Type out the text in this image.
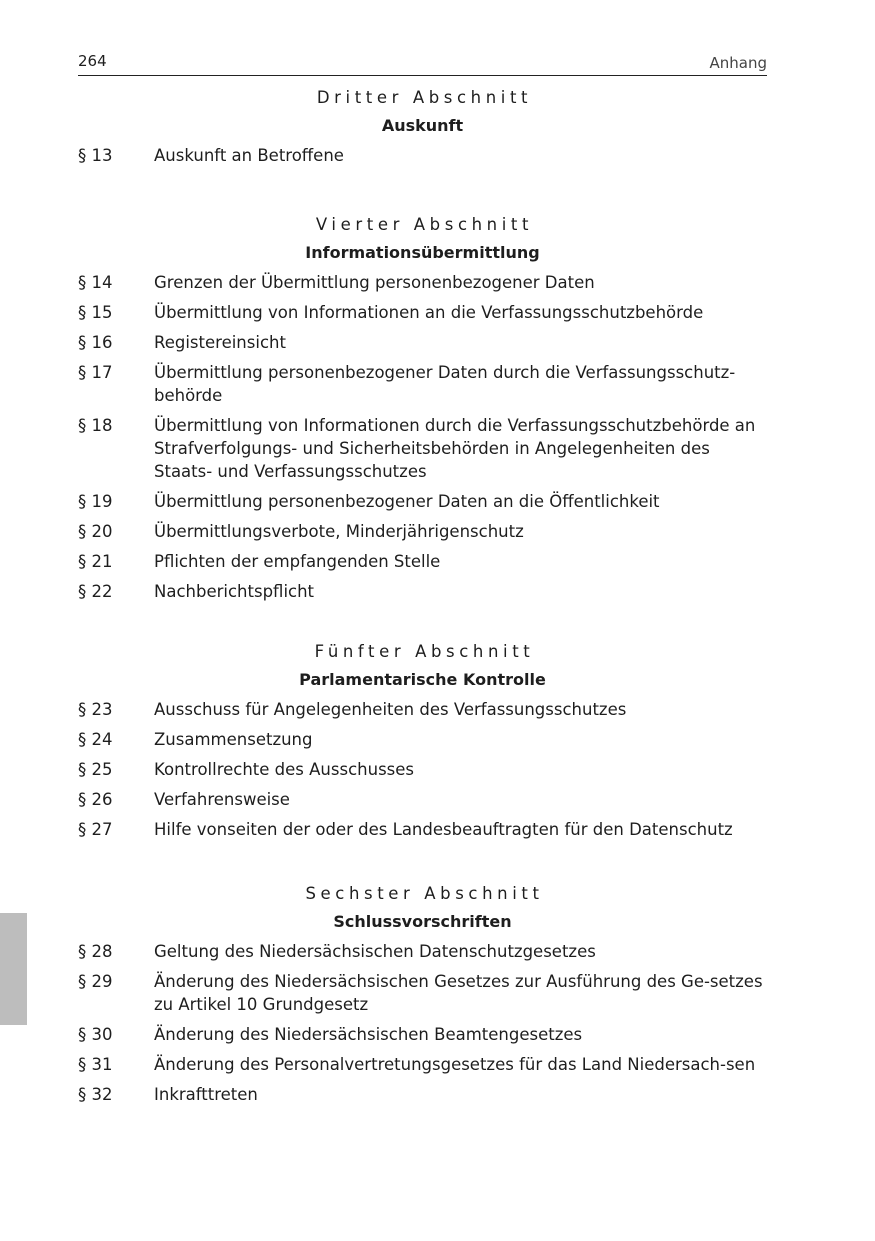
264	Anhang
Dritter Abschnitt
Auskunft
§ 13	Auskunft an Betroffene
Vierter Abschnitt
Informationsübermittlung
§ 14	Grenzen der Übermittlung personenbezogener Daten
§ 15	Übermittlung von Informationen an die Verfassungsschutzbehörde
§ 16	Registereinsicht
§ 17	Übermittlung personenbezogener Daten durch die Verfassungsschutz-behörde
§ 18	Übermittlung von Informationen durch die Verfassungsschutzbehörde an Strafverfolgungs- und Sicherheitsbehörden in Angelegenheiten des Staats- und Verfassungsschutzes
§ 19	Übermittlung personenbezogener Daten an die Öffentlichkeit
§ 20	Übermittlungsverbote, Minderjährigenschutz
§ 21	Pflichten der empfangenden Stelle
§ 22	Nachberichtspflicht
Fünfter Abschnitt
Parlamentarische Kontrolle
§ 23	Ausschuss für Angelegenheiten des Verfassungsschutzes
§ 24	Zusammensetzung
§ 25	Kontrollrechte des Ausschusses
§ 26	Verfahrensweise
§ 27	Hilfe vonseiten der oder des Landesbeauftragten für den Datenschutz
Sechster Abschnitt
Schlussvorschriften
§ 28	Geltung des Niedersächsischen Datenschutzgesetzes
§ 29	Änderung des Niedersächsischen Gesetzes zur Ausführung des Ge-setzes zu Artikel 10 Grundgesetz
§ 30	Änderung des Niedersächsischen Beamtengesetzes
§ 31	Änderung des Personalvertretungsgesetzes für das Land Niedersach-sen
§ 32	Inkrafttreten
